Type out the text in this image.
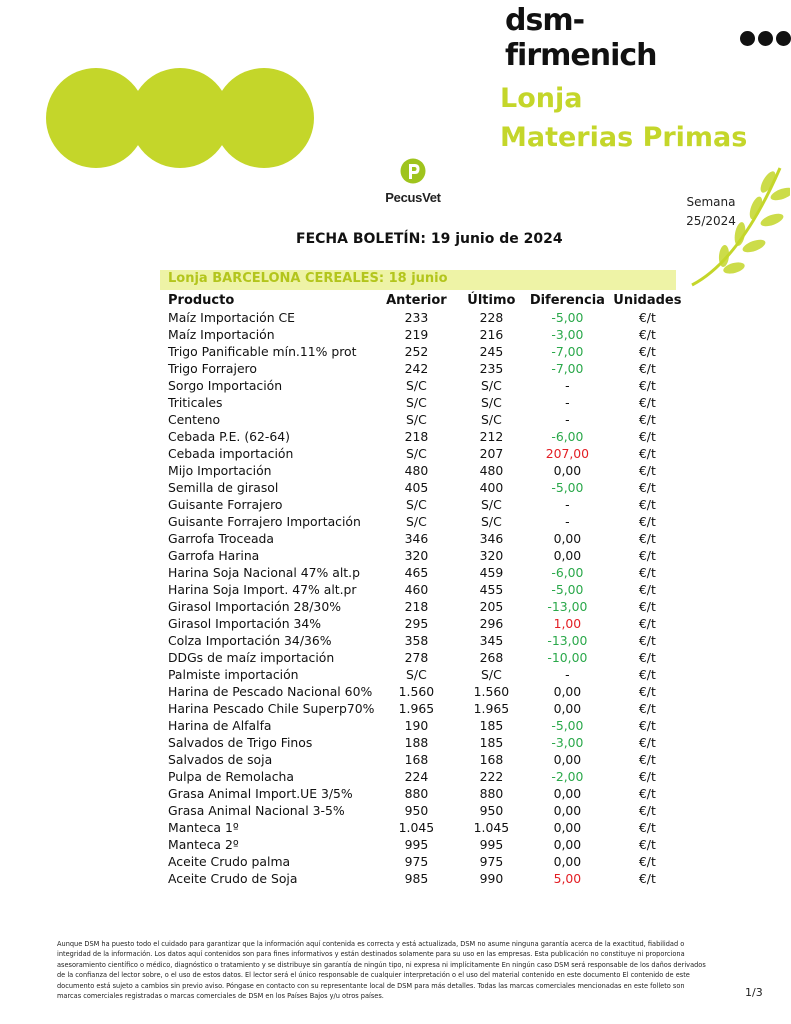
dsm-firmenich
Lonja
Materias Primas
PecusVet	Semana
25/2024
FECHA BOLETÍN: 19 junio de 2024
Lonja BARCELONA CEREALES: 18 junio
Producto	Anterior	Último	Diferencia	Unidades
Maíz Importación CE	233	228	-5,00	€/t
Maíz Importación	219	216	-3,00	€/t
Trigo Panificable mín.11% prot	252	245	-7,00	€/t
Trigo Forrajero	242	235	-7,00	€/t
Sorgo Importación	S/C	S/C	-	€/t
Triticales	S/C	S/C	-	€/t
Centeno	S/C	S/C	-	€/t
Cebada P.E. (62-64)	218	212	-6,00	€/t
Cebada importación	S/C	207	207,00	€/t
Mijo Importación	480	480	0,00	€/t
Semilla de girasol	405	400	-5,00	€/t
Guisante Forrajero	S/C	S/C	-	€/t
Guisante Forrajero Importación	S/C	S/C	-	€/t
Garrofa Troceada	346	346	0,00	€/t
Garrofa Harina	320	320	0,00	€/t
Harina Soja Nacional 47% alt.p	465	459	-6,00	€/t
Harina Soja Import. 47% alt.pr	460	455	-5,00	€/t
Girasol Importación 28/30%	218	205	-13,00	€/t
Girasol Importación 34%	295	296	1,00	€/t
Colza Importación 34/36%	358	345	-13,00	€/t
DDGs de maíz importación	278	268	-10,00	€/t
Palmiste importación	S/C	S/C	-	€/t
Harina de Pescado Nacional 60%	1.560	1.560	0,00	€/t
Harina Pescado Chile Superp70%	1.965	1.965	0,00	€/t
Harina de Alfalfa	190	185	-5,00	€/t
Salvados de Trigo Finos	188	185	-3,00	€/t
Salvados de soja	168	168	0,00	€/t
Pulpa de Remolacha	224	222	-2,00	€/t
Grasa Animal Import.UE 3/5%	880	880	0,00	€/t
Grasa Animal Nacional 3-5%	950	950	0,00	€/t
Manteca 1º	1.045	1.045	0,00	€/t
Manteca 2º	995	995	0,00	€/t
Aceite Crudo palma	975	975	0,00	€/t
Aceite Crudo de Soja	985	990	5,00	€/t
Aunque DSM ha puesto todo el cuidado para garantizar que la información aquí contenida es correcta y está actualizada, DSM no asume ninguna garantía acerca de la exactitud, fiabilidad o integridad de la información. Los datos aquí contenidos son para fines informativos y están destinados solamente para su uso en las empresas. Esta publicación no constituye ni proporciona asesoramiento científico o médico, diagnóstico o tratamiento y se distribuye sin garantía de ningún tipo, ni expresa ni implícitamente En ningún caso DSM será responsable de los daños derivados de la confianza del lector sobre, o el uso de estos datos. El lector será el único responsable de cualquier interpretación o el uso del material contenido en este documento El contenido de este documento está sujeto a cambios sin previo aviso. Póngase en contacto con su representante local de DSM para más detalles. Todas las marcas comerciales mencionadas en este folleto son marcas comerciales registradas o marcas comerciales de DSM en los Países Bajos y/u otros países.	1/3
